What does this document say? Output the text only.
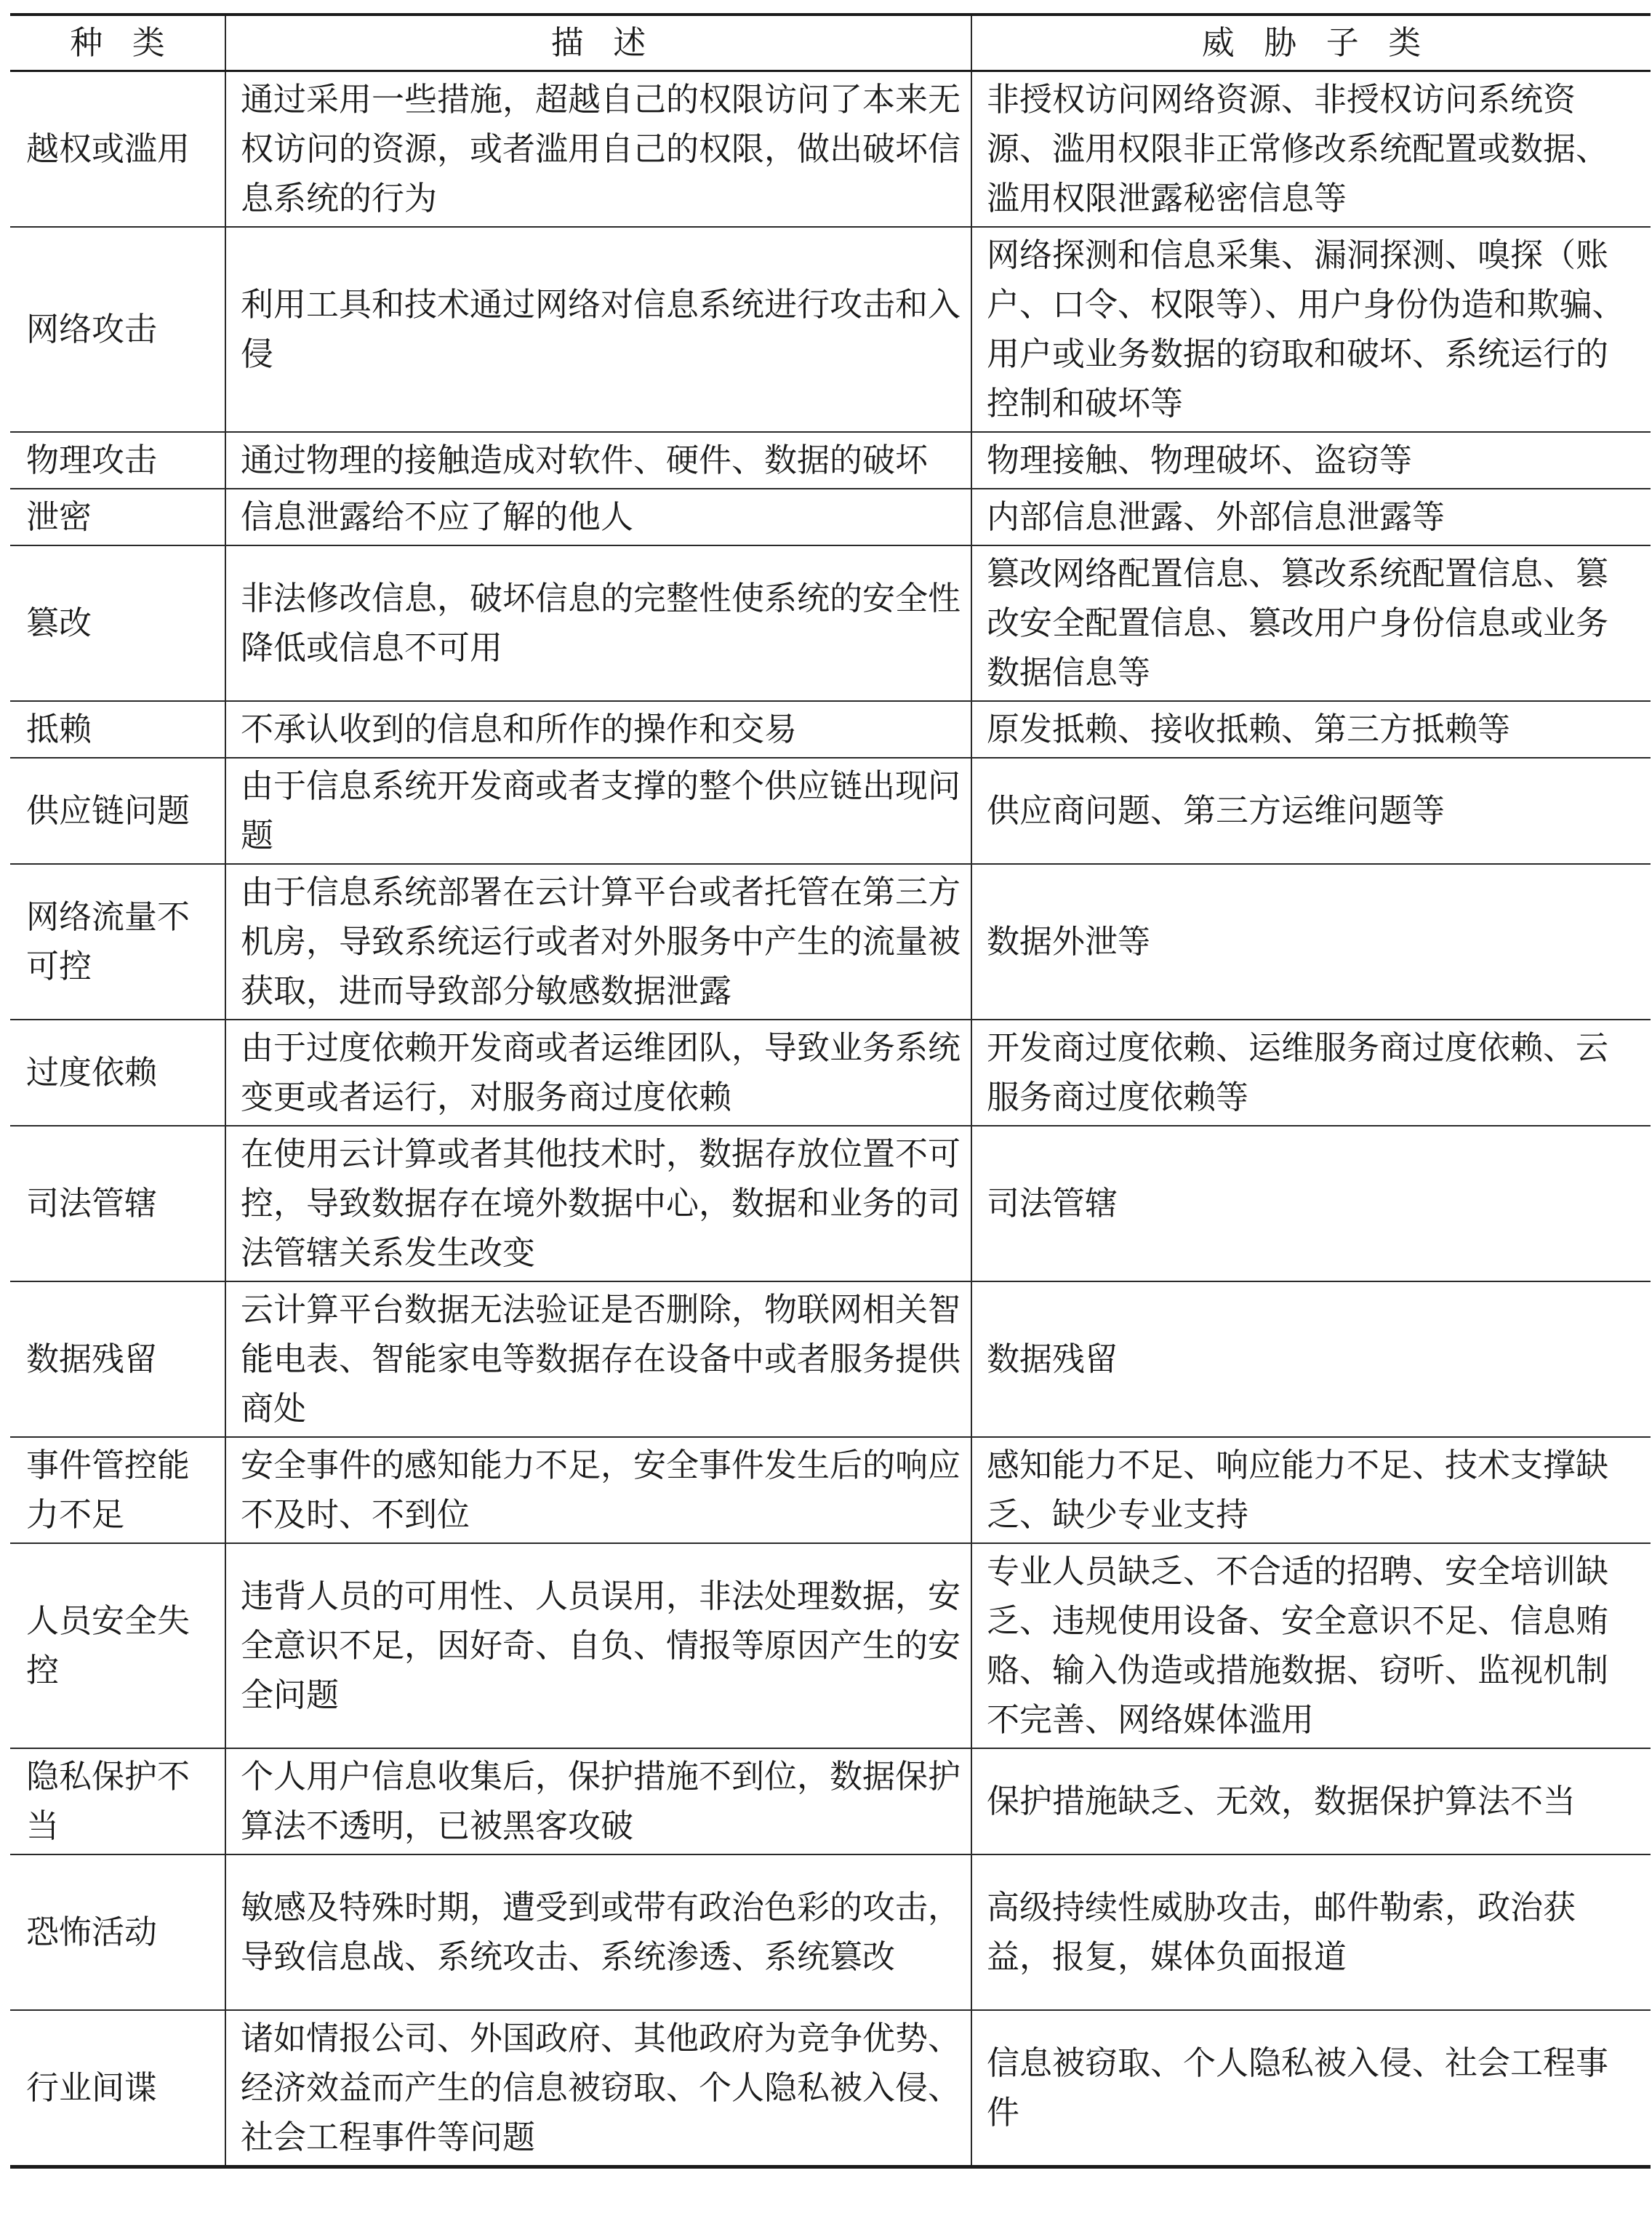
种类	描述	威胁子类
越权或滥用	通过采用一些措施，超越自己的权限访问了本来无权访问的资源，或者滥用自己的权限，做出破坏信息系统的行为	非授权访问网络资源、非授权访问系统资源、滥用权限非正常修改系统配置或数据、滥用权限泄露秘密信息等
网络攻击	利用工具和技术通过网络对信息系统进行攻击和入侵	网络探测和信息采集、漏洞探测、嗅探（账户、口令、权限等）、用户身份伪造和欺骗、用户或业务数据的窃取和破坏、系统运行的控制和破坏等
物理攻击	通过物理的接触造成对软件、硬件、数据的破坏	物理接触、物理破坏、盗窃等
泄密	信息泄露给不应了解的他人	内部信息泄露、外部信息泄露等
篡改	非法修改信息，破坏信息的完整性使系统的安全性降低或信息不可用	篡改网络配置信息、篡改系统配置信息、篡改安全配置信息、篡改用户身份信息或业务数据信息等
抵赖	不承认收到的信息和所作的操作和交易	原发抵赖、接收抵赖、第三方抵赖等
供应链问题	由于信息系统开发商或者支撑的整个供应链出现问题	供应商问题、第三方运维问题等
网络流量不可控	由于信息系统部署在云计算平台或者托管在第三方机房，导致系统运行或者对外服务中产生的流量被获取，进而导致部分敏感数据泄露	数据外泄等
过度依赖	由于过度依赖开发商或者运维团队，导致业务系统变更或者运行，对服务商过度依赖	开发商过度依赖、运维服务商过度依赖、云服务商过度依赖等
司法管辖	在使用云计算或者其他技术时，数据存放位置不可控，导致数据存在境外数据中心，数据和业务的司法管辖关系发生改变	司法管辖
数据残留	云计算平台数据无法验证是否删除，物联网相关智能电表、智能家电等数据存在设备中或者服务提供商处	数据残留
事件管控能力不足	安全事件的感知能力不足，安全事件发生后的响应不及时、不到位	感知能力不足、响应能力不足、技术支撑缺乏、缺少专业支持
人员安全失控	违背人员的可用性、人员误用，非法处理数据，安全意识不足，因好奇、自负、情报等原因产生的安全问题	专业人员缺乏、不合适的招聘、安全培训缺乏、违规使用设备、安全意识不足、信息贿赂、输入伪造或措施数据、窃听、监视机制不完善、网络媒体滥用
隐私保护不当	个人用户信息收集后，保护措施不到位，数据保护算法不透明，已被黑客攻破	保护措施缺乏、无效，数据保护算法不当
恐怖活动	敏感及特殊时期，遭受到或带有政治色彩的攻击，导致信息战、系统攻击、系统渗透、系统篡改	高级持续性威胁攻击，邮件勒索，政治获益，报复，媒体负面报道
行业间谍	诸如情报公司、外国政府、其他政府为竞争优势、经济效益而产生的信息被窃取、个人隐私被入侵、社会工程事件等问题	信息被窃取、个人隐私被入侵、社会工程事件
